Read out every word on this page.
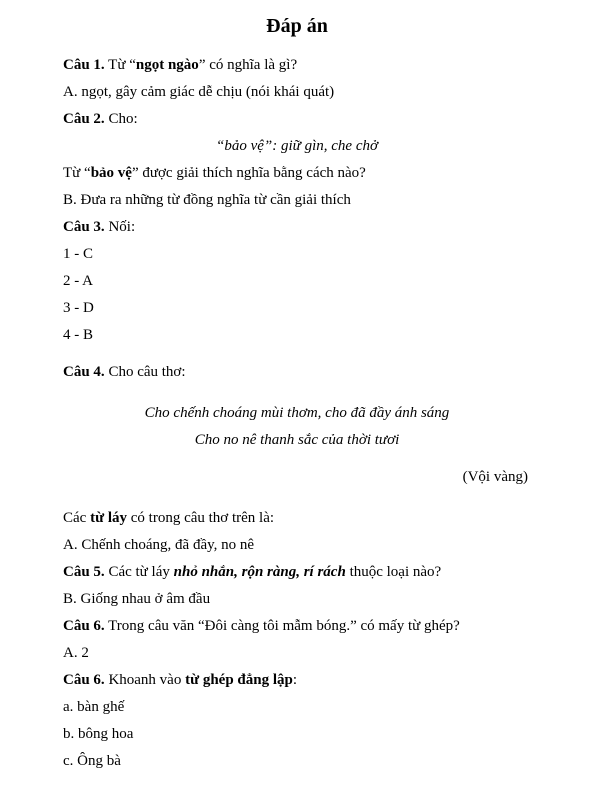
Đáp án

Câu 1. Từ “ngọt ngào” có nghĩa là gì?

A. ngọt, gây cảm giác dễ chịu (nói khái quát)

Câu 2. Cho:

“bảo vệ”: giữ gìn, che chở

Từ “bảo vệ” được giải thích nghĩa bằng cách nào?

B. Đưa ra những từ đồng nghĩa từ cần giải thích

Câu 3. Nối:

1 - C

2 - A

3 - D

4 - B

Câu 4. Cho câu thơ:

Cho chếnh choáng mùi thơm, cho đã đầy ánh sáng

Cho no nê thanh sắc của thời tươi

(Vội vàng)

Các từ láy có trong câu thơ trên là:

A. Chếnh choáng, đã đầy, no nê

Câu 5. Các từ láy nhỏ nhắn, rộn ràng, rí rách thuộc loại nào?

B. Giống nhau ở âm đầu

Câu 6. Trong câu văn “Đôi càng tôi mẫm bóng.” có mấy từ ghép?

A. 2

Câu 6. Khoanh vào từ ghép đẳng lập:

a. bàn ghế

b. bông hoa

c. Ông bà
